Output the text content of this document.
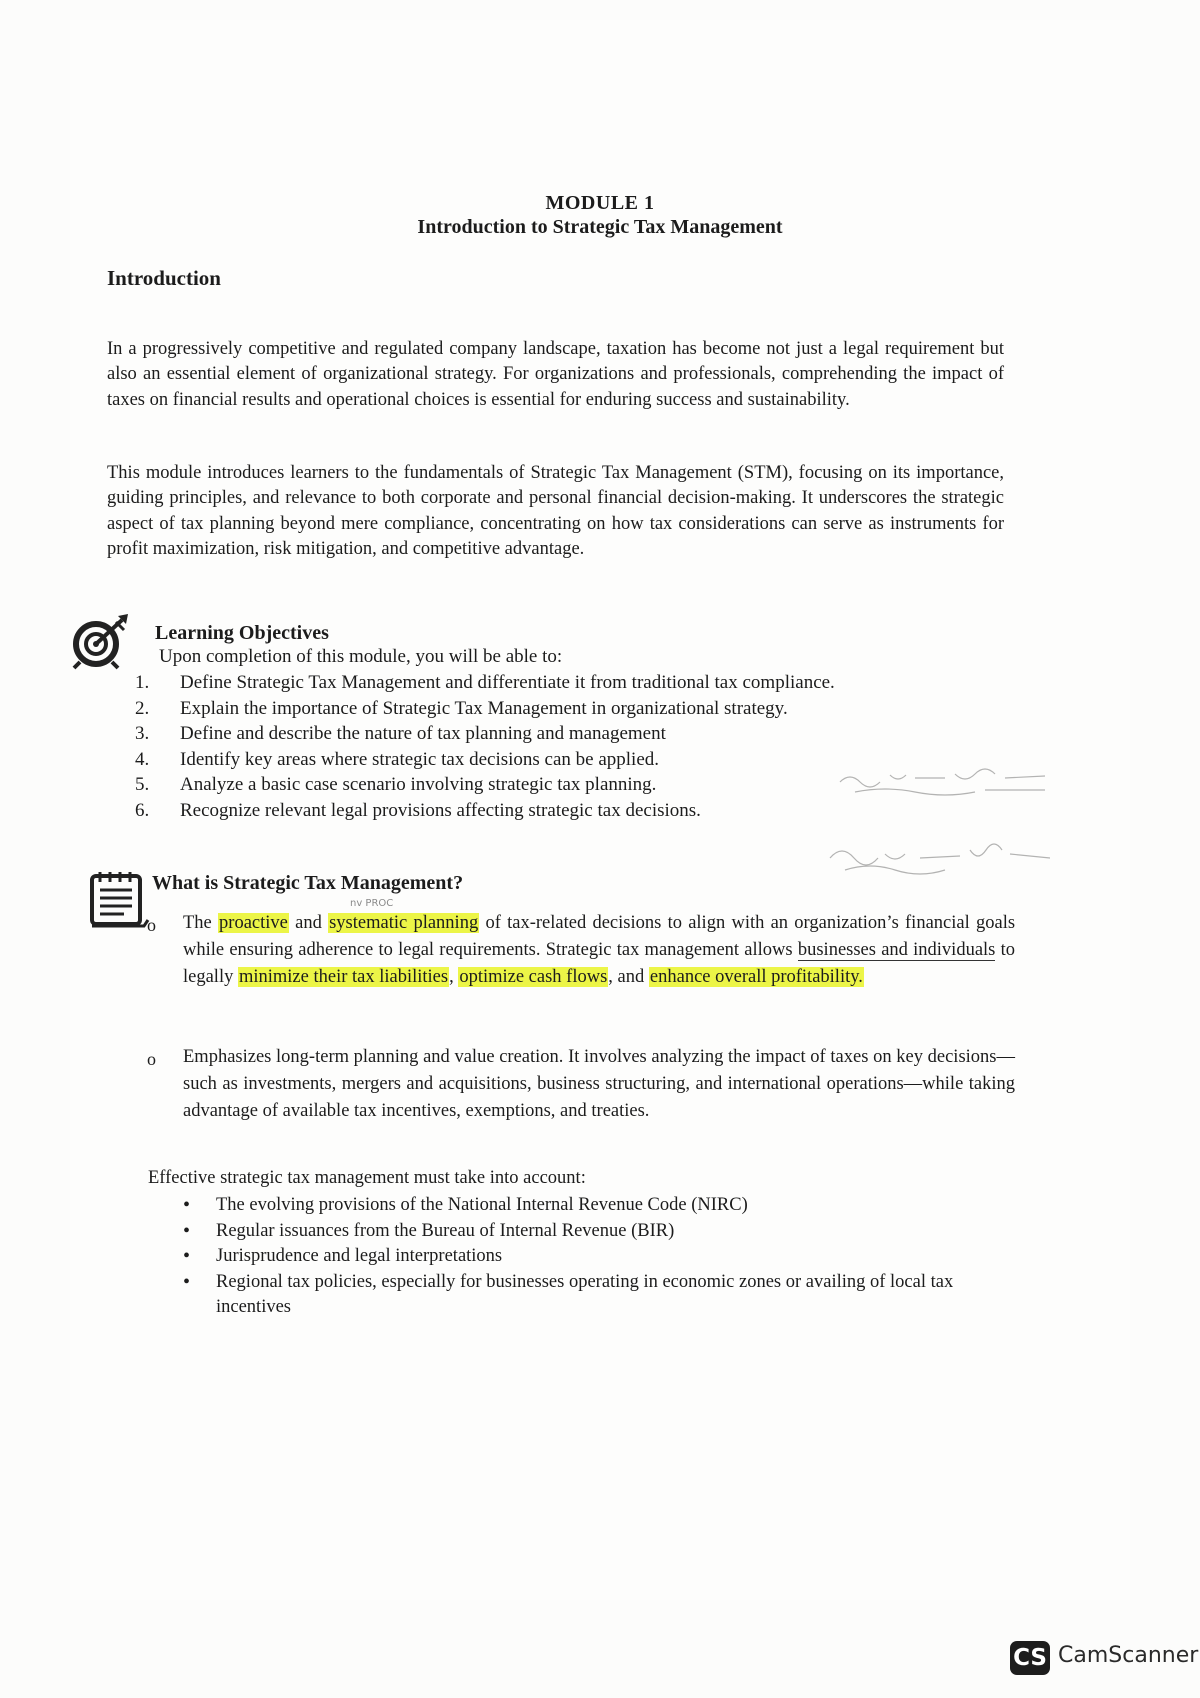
MODULE 1
Introduction to Strategic Tax Management
Introduction

In a progressively competitive and regulated company landscape, taxation has become not just a legal requirement but also an essential element of organizational strategy. For organizations and professionals, comprehending the impact of taxes on financial results and operational choices is essential for enduring success and sustainability.

This module introduces learners to the fundamentals of Strategic Tax Management (STM), focusing on its importance, guiding principles, and relevance to both corporate and personal financial decision-making. It underscores the strategic aspect of tax planning beyond mere compliance, concentrating on how tax considerations can serve as instruments for profit maximization, risk mitigation, and competitive advantage.

Learning Objectives
Upon completion of this module, you will be able to:
1.	Define Strategic Tax Management and differentiate it from traditional tax compliance.
2.	Explain the importance of Strategic Tax Management in organizational strategy.
3.	Define and describe the nature of tax planning and management
4.	Identify key areas where strategic tax decisions can be applied.
5.	Analyze a basic case scenario involving strategic tax planning.
6.	Recognize relevant legal provisions affecting strategic tax decisions.
What is Strategic Tax Management?
nv PROC
o The proactive and systematic planning of tax-related decisions to align with an organization’s financial goals while ensuring adherence to legal requirements. Strategic tax management allows businesses and individuals to legally minimize their tax liabilities, optimize cash flows, and enhance overall profitability.
o Emphasizes long-term planning and value creation. It involves analyzing the impact of taxes on key decisions—such as investments, mergers and acquisitions, business structuring, and international operations—while taking advantage of available tax incentives, exemptions, and treaties.
Effective strategic tax management must take into account:
• The evolving provisions of the National Internal Revenue Code (NIRC)
• Regular issuances from the Bureau of Internal Revenue (BIR)
• Jurisprudence and legal interpretations
• Regional tax policies, especially for businesses operating in economic zones or availing of local tax incentives
CS CamScanner
